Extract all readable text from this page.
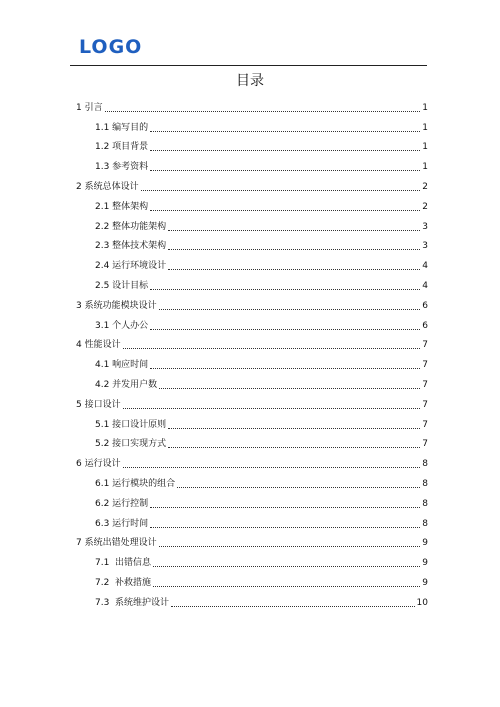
LOGO
目录
1 引言	1
1.1 编写目的	1
1.2 项目背景	1
1.3 参考资料	1
2 系统总体设计	2
2.1 整体架构	2
2.2 整体功能架构	3
2.3 整体技术架构	3
2.4 运行环境设计	4
2.5 设计目标	4
3 系统功能模块设计	6
3.1 个人办公	6
4 性能设计	7
4.1 响应时间	7
4.2 并发用户数	7
5 接口设计	7
5.1 接口设计原则	7
5.2 接口实现方式	7
6 运行设计	8
6.1 运行模块的组合	8
6.2 运行控制	8
6.3 运行时间	8
7 系统出错处理设计	9
7.1  出错信息	9
7.2  补救措施	9
7.3  系统维护设计	10
